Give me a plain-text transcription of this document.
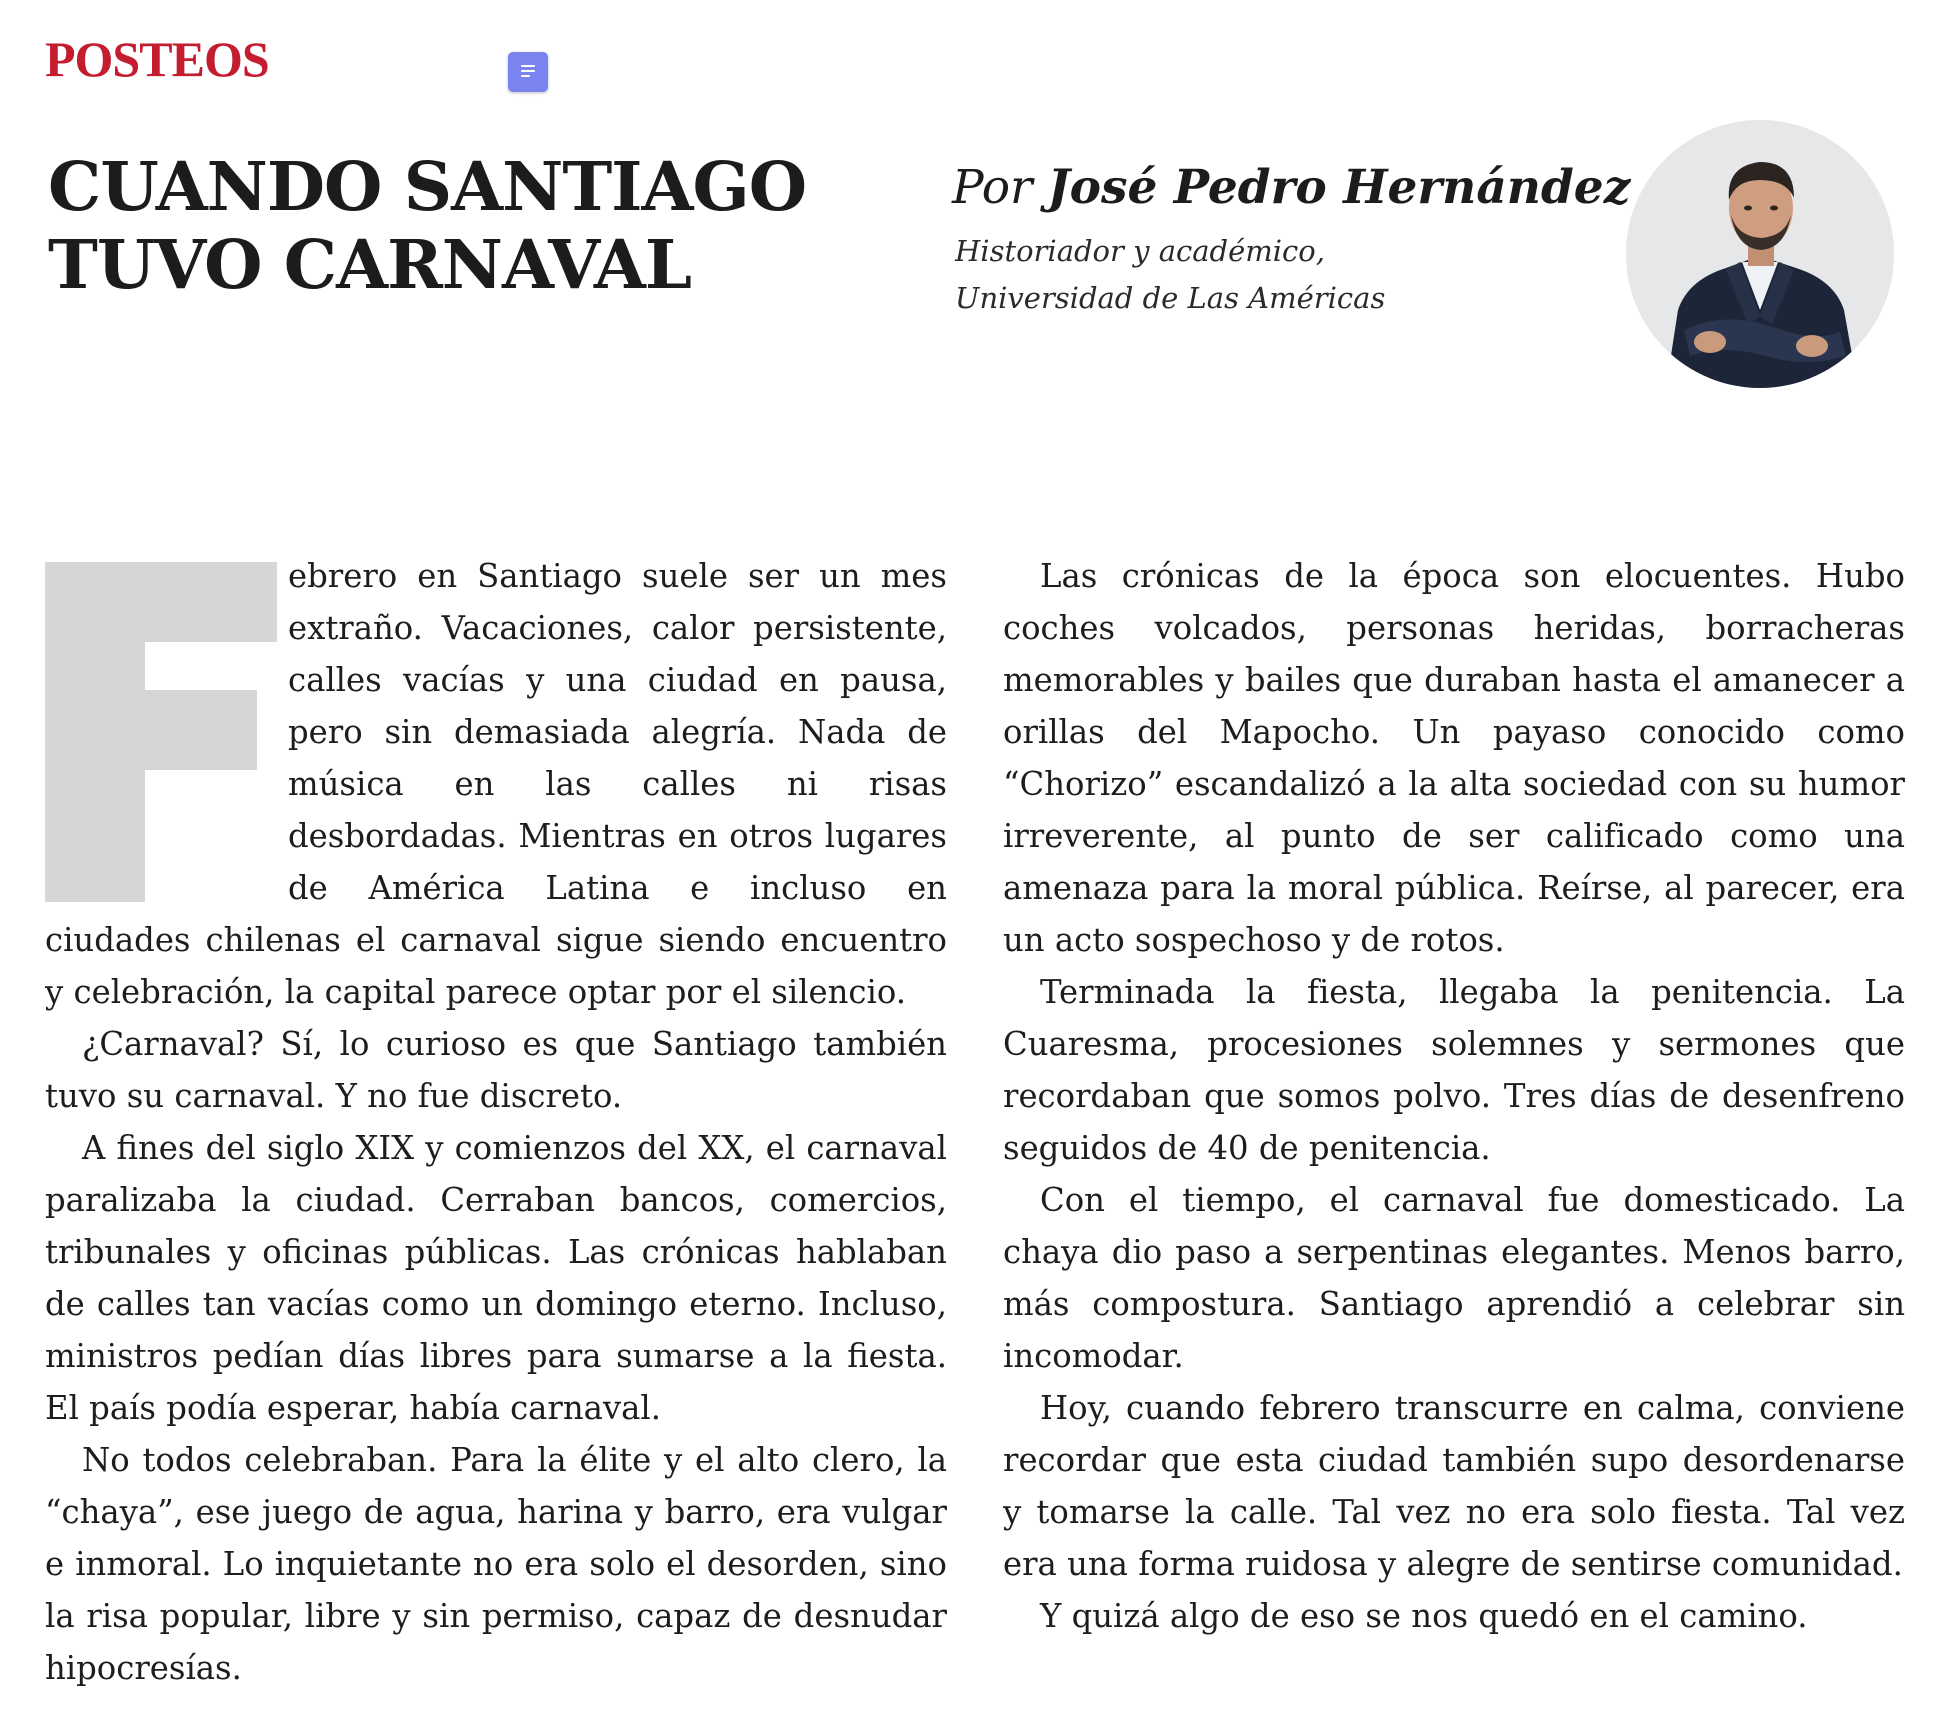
POSTEOS
CUANDO SANTIAGO
TUVO CARNAVAL
Por José Pedro Hernández
Historiador y académico,
Universidad de Las Américas

ebrero en Santiago suele ser un mes extraño. Vacaciones, calor persistente, calles vacías y una ciudad en pausa, pero sin demasiada alegría. Nada de música en las calles ni risas desbordadas. Mientras en otros lugares de América Latina e incluso en ciudades chilenas el carnaval sigue siendo encuentro y celebración, la capital parece optar por el silencio.

¿Carnaval? Sí, lo curioso es que Santiago también tuvo su carnaval. Y no fue discreto.

A fines del siglo XIX y comienzos del XX, el carnaval paralizaba la ciudad. Cerraban bancos, comercios, tribunales y oficinas públicas. Las crónicas hablaban de calles tan vacías como un domingo eterno. Incluso, ministros pedían días libres para sumarse a la fiesta. El país podía esperar, había carnaval.

No todos celebraban. Para la élite y el alto clero, la “chaya”, ese juego de agua, harina y barro, era vulgar e inmoral. Lo inquietante no era solo el desorden, sino la risa popular, libre y sin permiso, capaz de desnudar hipocresías.

Las crónicas de la época son elocuentes. Hubo coches volcados, personas heridas, borracheras memorables y bailes que duraban hasta el amanecer a orillas del Mapocho. Un payaso conocido como “Chorizo” escandalizó a la alta sociedad con su humor irreverente, al punto de ser calificado como una amenaza para la moral pública. Reírse, al parecer, era un acto sospechoso y de rotos.

Terminada la fiesta, llegaba la penitencia. La Cuaresma, procesiones solemnes y sermones que recordaban que somos polvo. Tres días de desenfreno seguidos de 40 de penitencia.

Con el tiempo, el carnaval fue domesticado. La chaya dio paso a serpentinas elegantes. Menos barro, más compostura. Santiago aprendió a celebrar sin incomodar.

Hoy, cuando febrero transcurre en calma, conviene recordar que esta ciudad también supo desordenarse y tomarse la calle. Tal vez no era solo fiesta. Tal vez era una forma ruidosa y alegre de sentirse comunidad.

Y quizá algo de eso se nos quedó en el camino.
